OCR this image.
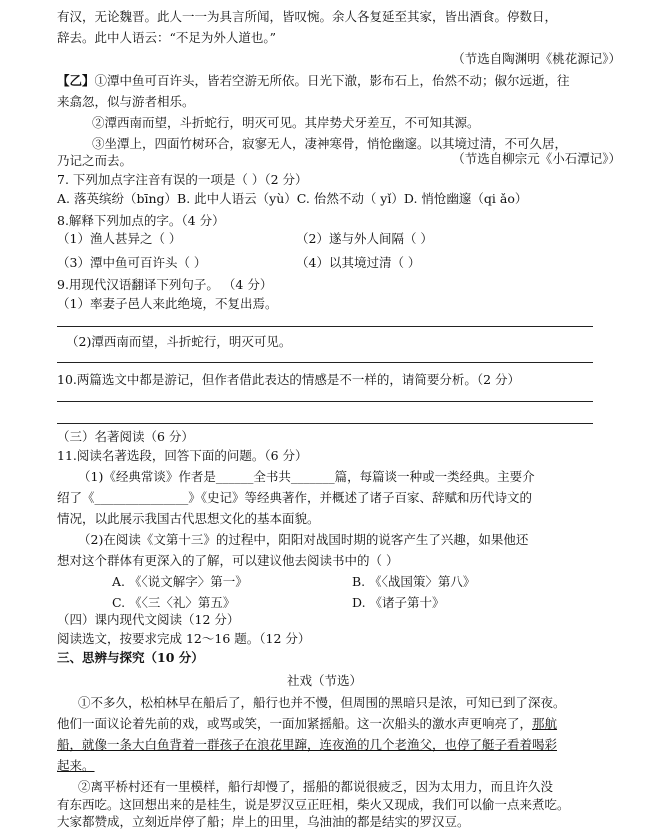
有汉，无论魏晋。此人一一为具言所闻，皆叹惋。余人各复延至其家，皆出酒食。停数日，
辞去。此中人语云：“不足为外人道也。”
（节选自陶渊明《桃花源记》）
【乙】①潭中鱼可百许头，皆若空游无所依。日光下澈，影布石上，佁然不动；俶尔远逝，往
来翕忽，似与游者相乐。
②潭西南而望，斗折蛇行，明灭可见。其岸势犬牙差互，不可知其源。
③坐潭上，四面竹树环合，寂寥无人，凄神寒骨，悄怆幽邃。以其境过清，不可久居，
乃记之而去。	（节选自柳宗元《小石潭记》）
7. 下列加点字注音有误的一项是（ ）（2 分）
A. 落英缤纷（bīng）B. 此中人语云（yù）C. 佁然不动（ yǐ）D. 悄怆幽邃（qi ǎo）
8.解释下列加点的字。（4 分）
（1）渔人甚异之（ ）	（2）遂与外人间隔（ ）
（3）潭中鱼可百许头（ ）	（4）以其境过清（ ）
9.用现代汉语翻译下列句子。 （4 分）
（1）率妻子邑人来此绝境，不复出焉。
（2)潭西南而望，斗折蛇行，明灭可见。
10.两篇选文中都是游记，但作者借此表达的情感是不一样的，请简要分析。（2 分）
（三）名著阅读（6 分）
11.阅读名著选段，回答下面的问题。（6 分）
（1)《经典常谈》作者是______全书共_______篇，每篇谈一种或一类经典。主要介
绍了《_______________》《史记》等经典著作，并概述了诸子百家、辞赋和历代诗文的
情况，以此展示我国古代思想文化的基本面貌。
（2)在阅读《文第十三》的过程中，阳阳对战国时期的说客产生了兴趣，如果他还
想对这个群体有更深入的了解，可以建议他去阅读书中的（ ）
A. 《〈说文解字〉第一》	B. 《〈战国策〉第八》
C. 《〈三〈礼〉第五》	D. 《诸子第十》
（四）课内现代文阅读（12 分）
阅读选文，按要求完成 12～16 题。（12 分）
三、思辨与探究（10 分）
社戏（节选）
①不多久，松柏林早在船后了，船行也并不慢，但周围的黑暗只是浓，可知已到了深夜。
他们一面议论着先前的戏，或骂或笑，一面加紧摇船。这一次船头的激水声更响亮了，那航
船，就像一条大白鱼背着一群孩子在浪花里蹿，连夜渔的几个老渔父，也停了艇子看着喝彩
起来。
②离平桥村还有一里模样，船行却慢了，摇船的都说很疲乏，因为太用力，而且许久没
有东西吃。这回想出来的是桂生，说是罗汉豆正旺相，柴火又现成，我们可以偷一点来煮吃。
大家都赞成，立刻近岸停了船；岸上的田里，乌油油的都是结实的罗汉豆。
